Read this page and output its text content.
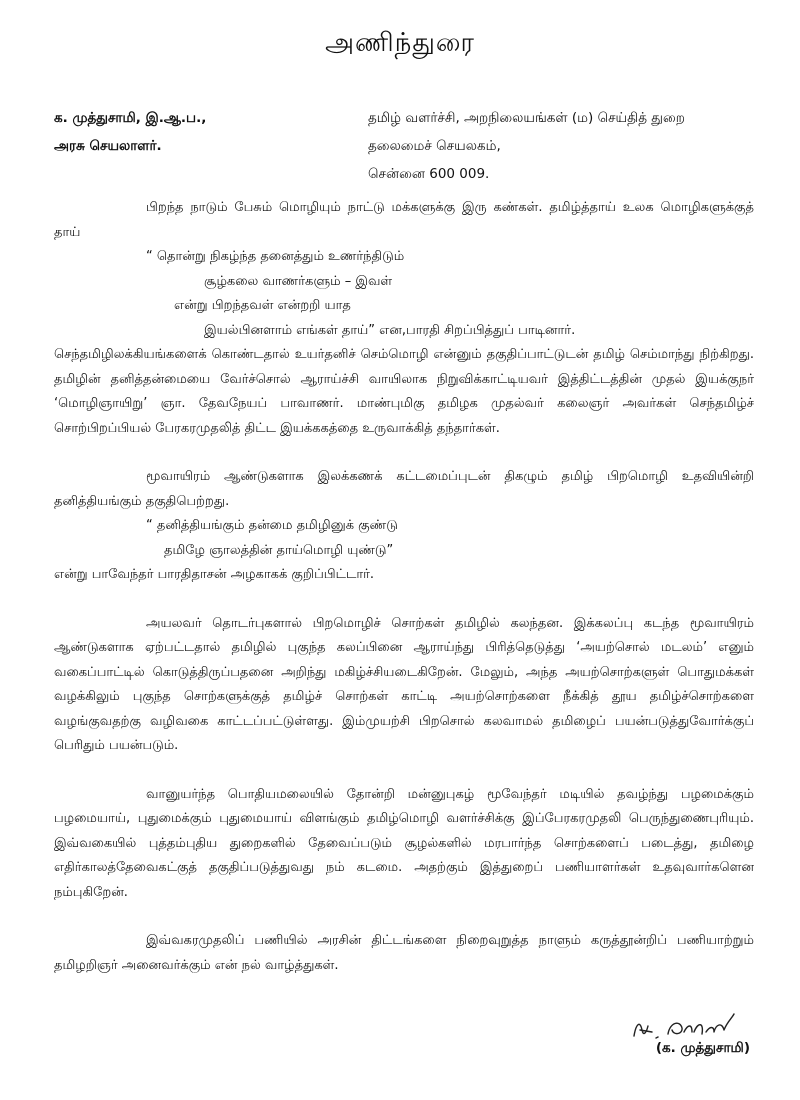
அணிந்துரை
க. முத்துசாமி, இ.ஆ.ப.,
அரசு செயலாளர்.
தமிழ் வளர்ச்சி, அறநிலையங்கள் (ம) செய்தித் துறை
தலைமைச் செயலகம்,
சென்னை 600 009.

பிறந்த நாடும் பேசும் மொழியும் நாட்டு மக்களுக்கு இரு கண்கள். தமிழ்த்தாய் உலக மொழிகளுக்குத் தாய்

“ தொன்று நிகழ்ந்த தனைத்தும் உணர்ந்திடும்

சூழ்கலை வாணர்களும் – இவள்

என்று பிறந்தவள் என்றறி யாத

இயல்பினளாம் எங்கள் தாய்” என,பாரதி சிறப்பித்துப் பாடினார்.

செந்தமிழிலக்கியங்களைக் கொண்டதால் உயர்தனிச் செம்மொழி என்னும் தகுதிப்பாட்டுடன் தமிழ் செம்மாந்து நிற்கிறது. தமிழின் தனித்தன்மையை வேர்ச்சொல் ஆராய்ச்சி வாயிலாக நிறுவிக்காட்டியவர் இத்திட்டத்தின் முதல் இயக்குநர் ‘மொழிஞாயிறு’ ஞா. தேவநேயப் பாவாணர். மாண்புமிகு தமிழக முதல்வர் கலைஞர் அவர்கள் செந்தமிழ்ச் சொற்பிறப்பியல் பேரகரமுதலித் திட்ட இயக்ககத்தை உருவாக்கித் தந்தார்கள்.

மூவாயிரம் ஆண்டுகளாக இலக்கணக் கட்டமைப்புடன் திகழும் தமிழ் பிறமொழி உதவியின்றி தனித்தியங்கும் தகுதிபெற்றது.

“ தனித்தியங்கும் தன்மை தமிழினுக் குண்டு

தமிழே ஞாலத்தின் தாய்மொழி யுண்டு”

என்று பாவேந்தர் பாரதிதாசன் அழகாகக் குறிப்பிட்டார்.

அயலவர் தொடர்புகளால் பிறமொழிச் சொற்கள் தமிழில் கலந்தன. இக்கலப்பு கடந்த மூவாயிரம் ஆண்டுகளாக ஏற்பட்டதால் தமிழில் புகுந்த கலப்பினை ஆராய்ந்து பிரித்தெடுத்து ‘அயற்சொல் மடலம்’ எனும் வகைப்பாட்டில் கொடுத்திருப்பதனை அறிந்து மகிழ்ச்சியடைகிறேன். மேலும், அந்த அயற்சொற்களுள் பொதுமக்கள் வழக்கிலும் புகுந்த சொற்களுக்குத் தமிழ்ச் சொற்கள் காட்டி அயற்சொற்களை நீக்கித் தூய தமிழ்ச்சொற்களை வழங்குவதற்கு வழிவகை காட்டப்பட்டுள்ளது. இம்முயற்சி பிறசொல் கலவாமல் தமிழைப் பயன்படுத்துவோர்க்குப் பெரிதும் பயன்படும்.

வானுயர்ந்த பொதியமலையில் தோன்றி மன்னுபுகழ் மூவேந்தர் மடியில் தவழ்ந்து பழமைக்கும் பழமையாய், புதுமைக்கும் புதுமையாய் விளங்கும் தமிழ்மொழி வளர்ச்சிக்கு இப்பேரகரமுதலி பெருந்துணைபுரியும். இவ்வகையில் புத்தம்புதிய துறைகளில் தேவைப்படும் சூழல்களில் மரபார்ந்த சொற்களைப் படைத்து, தமிழை எதிர்காலத்தேவைகட்குத் தகுதிப்படுத்துவது நம் கடமை. அதற்கும் இத்துறைப் பணியாளர்கள் உதவுவார்களென நம்புகிறேன்.

இவ்வகரமுதலிப் பணியில் அரசின் திட்டங்களை நிறைவுறுத்த நாளும் கருத்தூன்றிப் பணியாற்றும் தமிழறிஞர் அனைவர்க்கும் என் நல் வாழ்த்துகள்.

(க. முத்துசாமி)
